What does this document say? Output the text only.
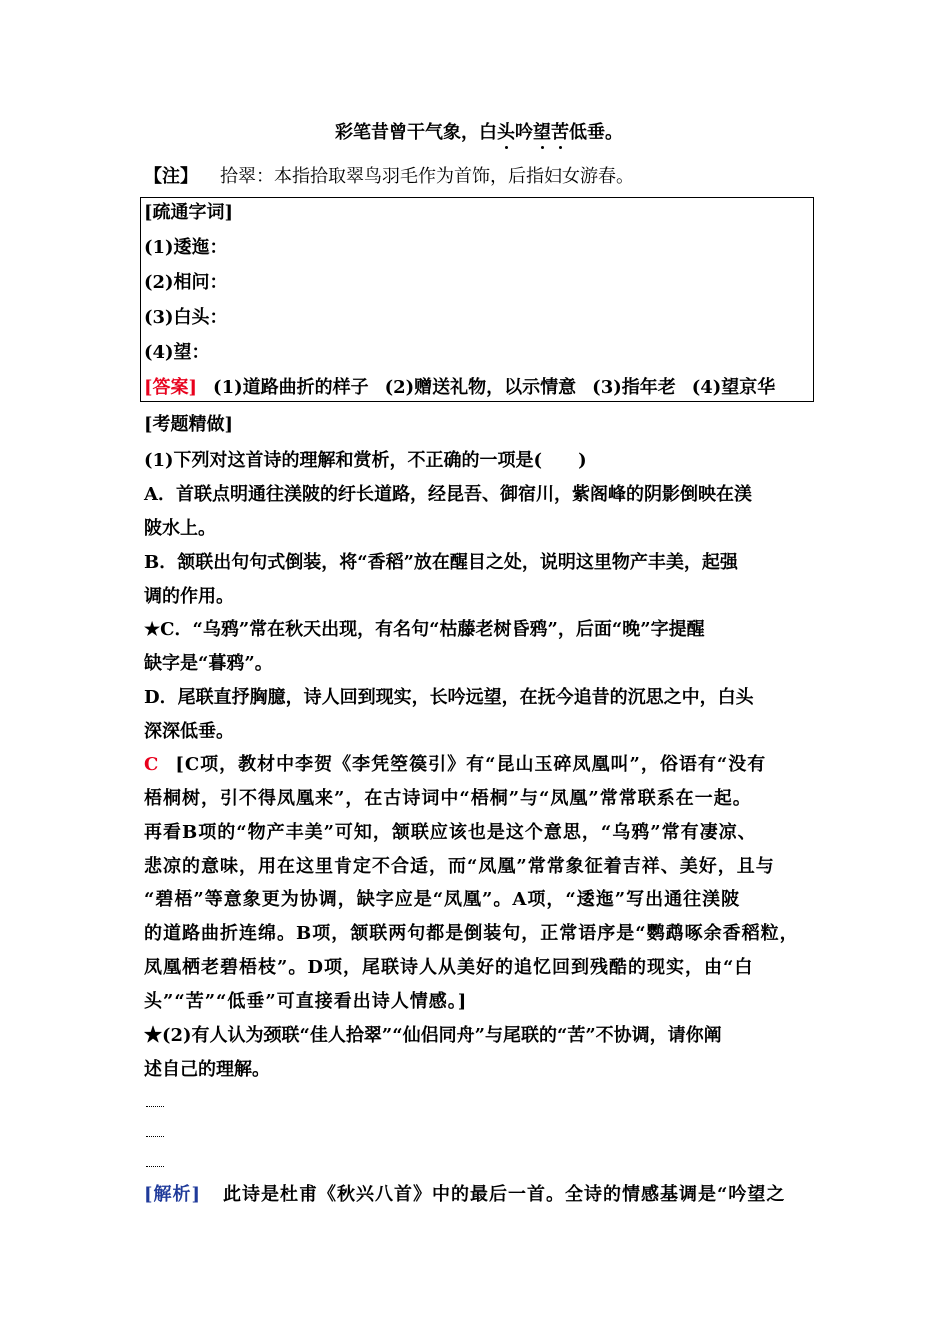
彩笔昔曾干气象，白头吟望苦低垂。
【注】 拾翠：本指拾取翠鸟羽毛作为首饰，后指妇女游春。
[疏通字词]
(1)逶迤：
(2)相问：
(3)白头：
(4)望：
[答案] (1)道路曲折的样子 (2)赠送礼物，以示情意 (3)指年老 (4)望京华
[考题精做]
(1)下列对这首诗的理解和赏析，不正确的一项是(　　)
A．首联点明通往渼陂的纡长道路，经昆吾、御宿川，紫阁峰的阴影倒映在渼
陂水上。
B．颔联出句句式倒装，将“香稻”放在醒目之处，说明这里物产丰美，起强
调的作用。
★C．“乌鸦”常在秋天出现，有名句“枯藤老树昏鸦”，后面“晚”字提醒
缺字是“暮鸦”。
D．尾联直抒胸臆，诗人回到现实，长吟远望，在抚今追昔的沉思之中，白头
深深低垂。
C [C项，教材中李贺《李凭箜篌引》有“昆山玉碎凤凰叫”，俗语有“没有
梧桐树，引不得凤凰来”，在古诗词中“梧桐”与“凤凰”常常联系在一起。
再看B项的“物产丰美”可知，颔联应该也是这个意思，“乌鸦”常有凄凉、
悲凉的意味，用在这里肯定不合适，而“凤凰”常常象征着吉祥、美好，且与
“碧梧”等意象更为协调，缺字应是“凤凰”。A项，“逶迤”写出通往渼陂
的道路曲折连绵。B项，颔联两句都是倒装句，正常语序是“鹦鹉啄余香稻粒，
凤凰栖老碧梧枝”。D项，尾联诗人从美好的追忆回到残酷的现实，由“白
头”“苦”“低垂”可直接看出诗人情感。]
★(2)有人认为颈联“佳人拾翠”“仙侣同舟”与尾联的“苦”不协调，请你阐
述自己的理解。
[解析] 此诗是杜甫《秋兴八首》中的最后一首。全诗的情感基调是“吟望之
